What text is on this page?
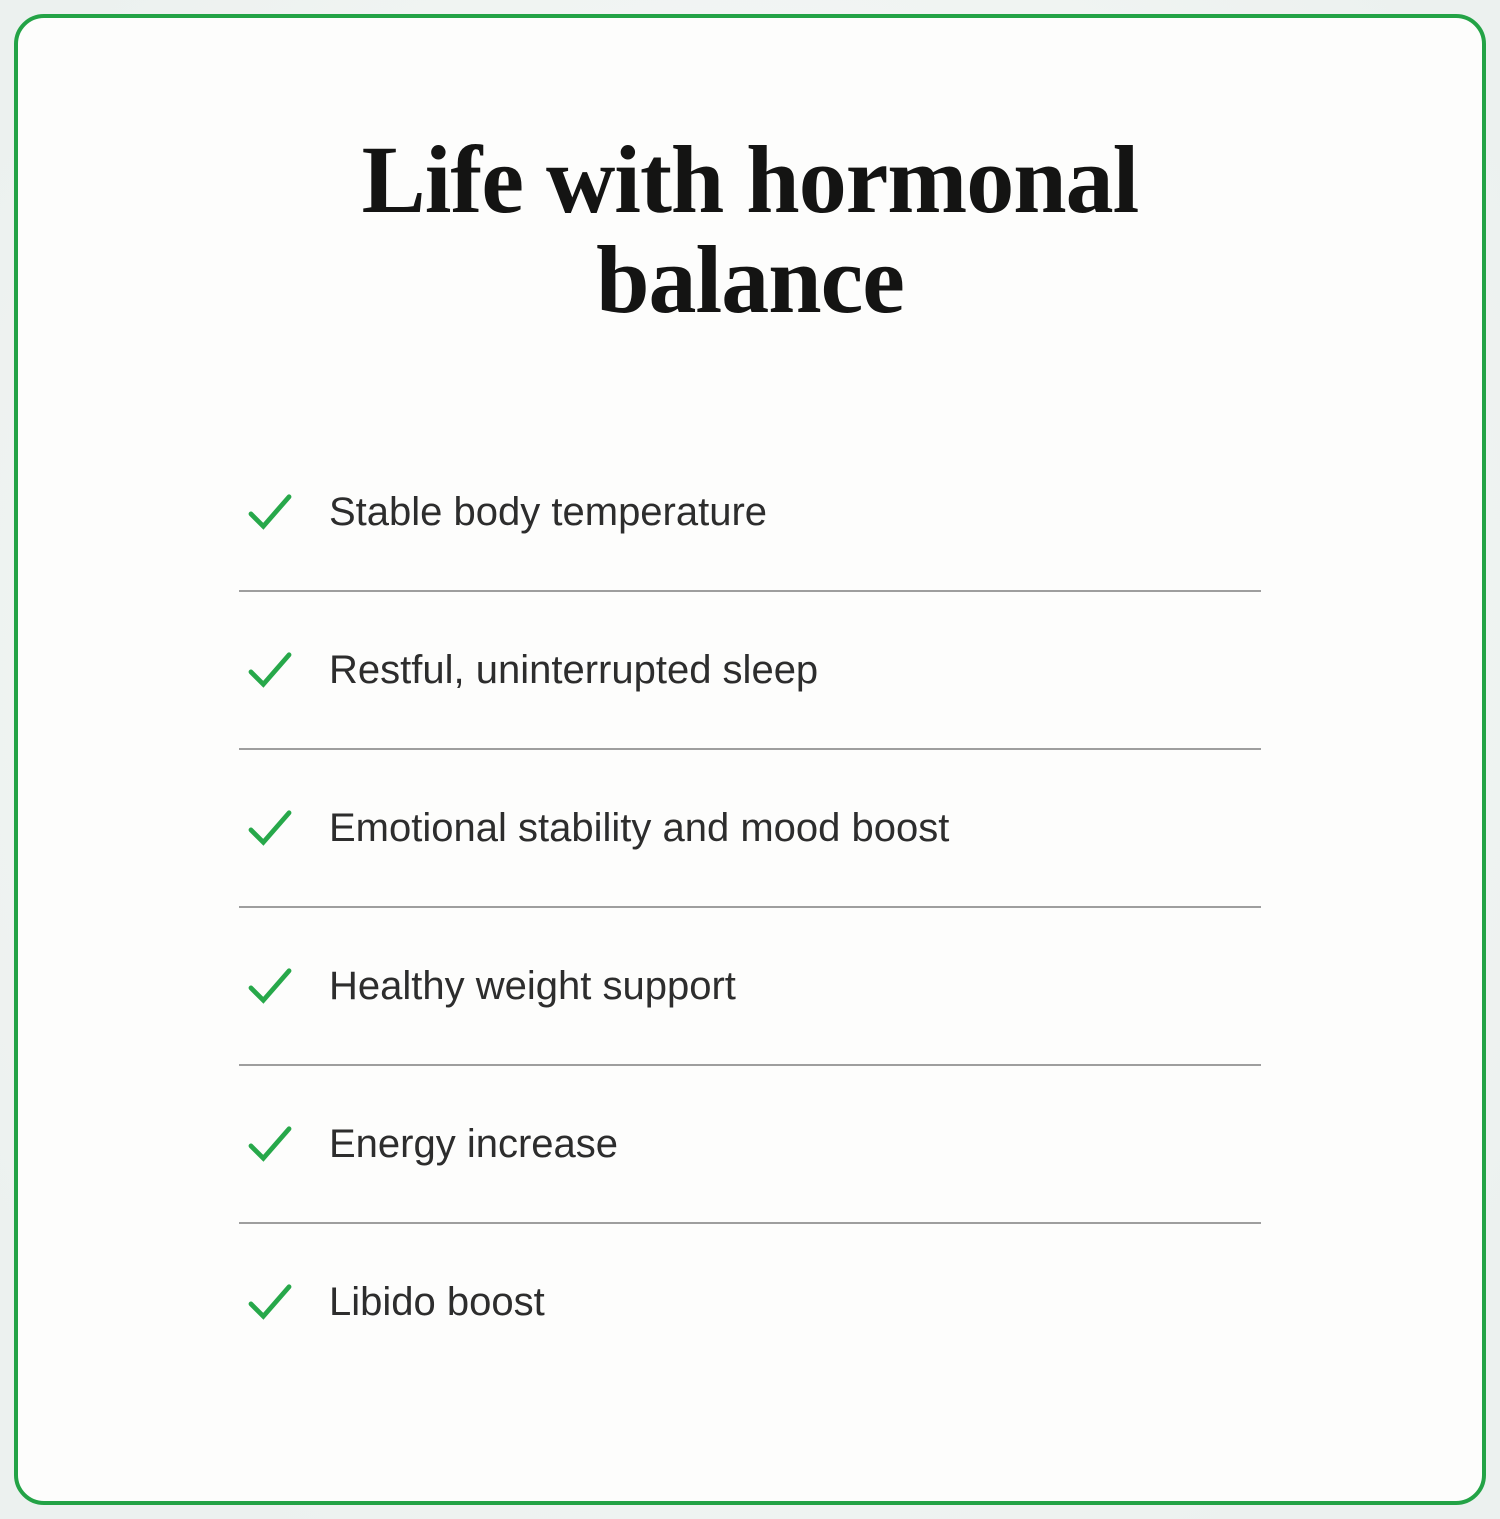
Life with hormonal balance
Stable body temperature
Restful, uninterrupted sleep
Emotional stability and mood boost
Healthy weight support
Energy increase
Libido boost
